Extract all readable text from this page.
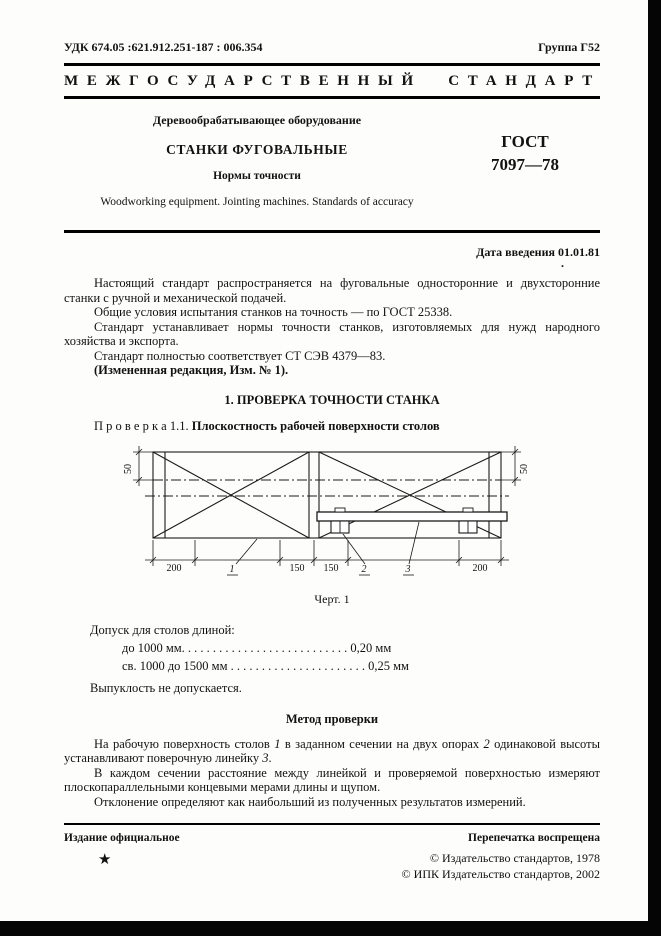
УДК 674.05 :621.912.251-187 : 006.354	Группа Г52
МЕЖГОСУДАРСТВЕННЫЙ СТАНДАРТ
Деревообрабатывающее оборудование
СТАНКИ ФУГОВАЛЬНЫЕ
Нормы точности
Woodworking equipment. Jointing machines. Standards of accuracy
ГОСТ
7097—78
Дата введения 01.01.81
.

Настоящий стандарт распространяется на фуговальные односторонние и двухсторонние станки с ручной и механической подачей.

Общие условия испытания станков на точность — по ГОСТ 25338.

Стандарт устанавливает нормы точности станков, изготовляемых для нужд народного хозяйства и экспорта.

Стандарт полностью соответствует СТ СЭВ 4379—83.

(Измененная редакция, Изм. № 1).

1. ПРОВЕРКА ТОЧНОСТИ СТАНКА

П р о в е р к а 1.1. Плоскостность рабочей поверхности столов

200	150 150	200
50	50
1	2	3
Черт. 1
Допуск для столов длиной:
до 1000 мм. . . . . . . . . . . . . . . . . . . . . . . . . . . 0,20 мм
св. 1000 до 1500 мм . . . . . . . . . . . . . . . . . . . . . . 0,25 мм
Выпуклость не допускается.
Метод проверки

На рабочую поверхность столов 1 в заданном сечении на двух опорах 2 одинаковой высоты устанавливают поверочную линейку 3.

В каждом сечении расстояние между линейкой и проверяемой поверхностью измеряют плоскопараллельными концевыми мерами длины и щупом.

Отклонение определяют как наибольший из полученных результатов измерений.

Издание официальное	Перепечатка воспрещена
★	© Издательство стандартов, 1978
© ИПК Издательство стандартов, 2002
